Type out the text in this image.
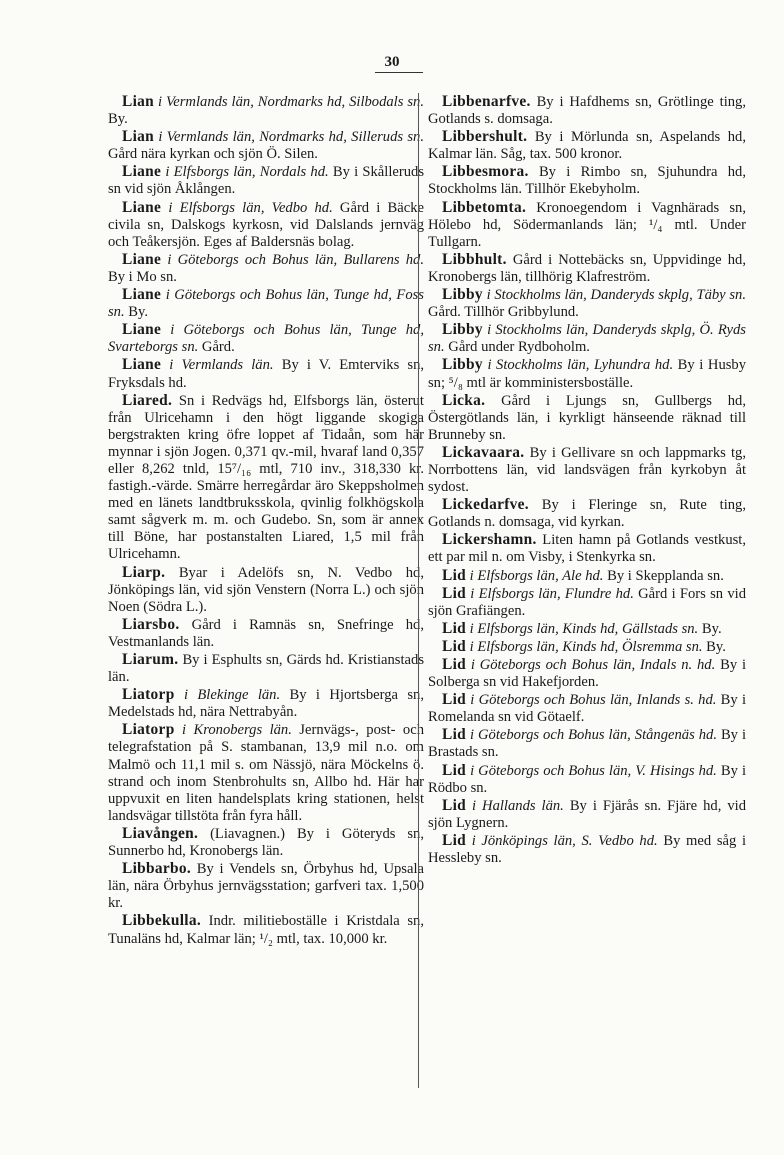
30

Lian i Vermlands län, Nordmarks hd, Silbodals sn. By.

Lian i Vermlands län, Nordmarks hd, Silleruds sn. Gård nära kyrkan och sjön Ö. Silen.

Liane i Elfsborgs län, Nordals hd. By i Skålleruds sn vid sjön Åklången.

Liane i Elfsborgs län, Vedbo hd. Gård i Bäcke civila sn, Dalskogs kyrkosn, vid Dalslands jernväg och Teåkersjön. Eges af Baldersnäs bolag.

Liane i Göteborgs och Bohus län, Bullarens hd. By i Mo sn.

Liane i Göteborgs och Bohus län, Tunge hd, Foss sn. By.

Liane i Göteborgs och Bohus län, Tunge hd, Svarteborgs sn. Gård.

Liane i Vermlands län. By i V. Emterviks sn, Fryksdals hd.

Liared. Sn i Redvägs hd, Elfsborgs län, österut från Ulricehamn i den högt liggande skogiga bergstrakten kring öfre loppet af Tidaån, som här mynnar i sjön Jogen. 0,371 qv.-mil, hvaraf land 0,357 eller 8,262 tnld, 15⁷/₁₆ mtl, 710 inv., 318,330 kr. fastigh.-värde. Smärre herregårdar äro Skeppsholmen med en länets landtbruksskola, qvinlig folkhögskola samt sågverk m. m. och Gudebo. Sn, som är annex till Böne, har postanstalten Liared, 1,5 mil från Ulricehamn.

Liarp. Byar i Adelöfs sn, N. Vedbo hd, Jönköpings län, vid sjön Venstern (Norra L.) och sjön Noen (Södra L.).

Liarsbo. Gård i Ramnäs sn, Snefringe hd, Vestmanlands län.

Liarum. By i Esphults sn, Gärds hd. Kristianstads län.

Liatorp i Blekinge län. By i Hjortsberga sn, Medelstads hd, nära Nettrabyån.

Liatorp i Kronobergs län. Jernvägs-, post- och telegrafstation på S. stambanan, 13,9 mil n.o. om Malmö och 11,1 mil s. om Nässjö, nära Möckelns ö. strand och inom Stenbrohults sn, Allbo hd. Här har uppvuxit en liten handelsplats kring stationen, helst landsvägar tillstöta från fyra håll.

Liavången. (Liavagnen.) By i Göteryds sn, Sunnerbo hd, Kronobergs län.

Libbarbo. By i Vendels sn, Örbyhus hd, Upsala län, nära Örbyhus jernvägsstation; garfveri tax. 1,500 kr.

Libbekulla. Indr. militieboställe i Kristdala sn, Tunaläns hd, Kalmar län; ¹/₂ mtl, tax. 10,000 kr.

Libbenarfve. By i Hafdhems sn, Grötlinge ting, Gotlands s. domsaga.

Libbershult. By i Mörlunda sn, Aspelands hd, Kalmar län. Såg, tax. 500 kronor.

Libbesmora. By i Rimbo sn, Sjuhundra hd, Stockholms län. Tillhör Ekebyholm.

Libbetomta. Kronoegendom i Vagnhärads sn, Hölebo hd, Södermanlands län; ¹/₄ mtl. Under Tullgarn.

Libbhult. Gård i Nottebäcks sn, Uppvidinge hd, Kronobergs län, tillhörig Klafreström.

Libby i Stockholms län, Danderyds skplg, Täby sn. Gård. Tillhör Gribbylund.

Libby i Stockholms län, Danderyds skplg, Ö. Ryds sn. Gård under Rydboholm.

Libby i Stockholms län, Lyhundra hd. By i Husby sn; ⁵/₈ mtl är komministersboställe.

Licka. Gård i Ljungs sn, Gullbergs hd, Östergötlands län, i kyrkligt hänseende räknad till Brunneby sn.

Lickavaara. By i Gellivare sn och lappmarks tg, Norrbottens län, vid landsvägen från kyrkobyn åt sydost.

Lickedarfve. By i Fleringe sn, Rute ting, Gotlands n. domsaga, vid kyrkan.

Lickershamn. Liten hamn på Gotlands vestkust, ett par mil n. om Visby, i Stenkyrka sn.

Lid i Elfsborgs län, Ale hd. By i Skepplanda sn.

Lid i Elfsborgs län, Flundre hd. Gård i Fors sn vid sjön Grafiängen.

Lid i Elfsborgs län, Kinds hd, Gällstads sn. By.

Lid i Elfsborgs län, Kinds hd, Ölsremma sn. By.

Lid i Göteborgs och Bohus län, Indals n. hd. By i Solberga sn vid Hakefjorden.

Lid i Göteborgs och Bohus län, Inlands s. hd. By i Romelanda sn vid Götaelf.

Lid i Göteborgs och Bohus län, Stångenäs hd. By i Brastads sn.

Lid i Göteborgs och Bohus län, V. Hisings hd. By i Rödbo sn.

Lid i Hallands län. By i Fjärås sn. Fjäre hd, vid sjön Lygnern.

Lid i Jönköpings län, S. Vedbo hd. By med såg i Hessleby sn.
